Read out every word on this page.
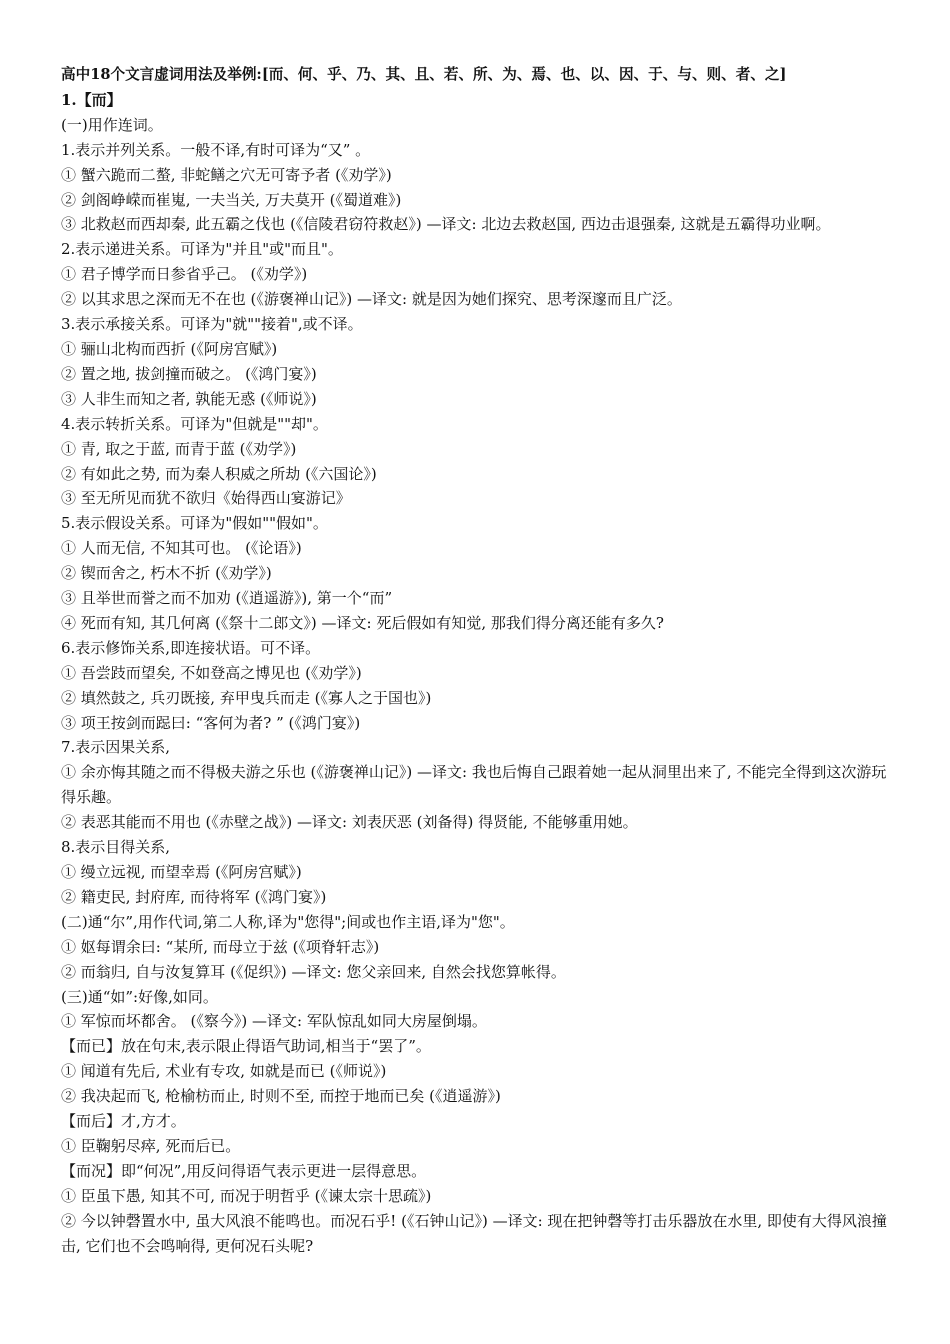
高中18个文言虚词用法及举例:[而、何、乎、乃、其、且、若、所、为、焉、也、以、因、于、与、则、者、之]
1.【而】
(一)用作连词。
1.表示并列关系。一般不译,有时可译为“又” 。
① 蟹六跪而二螯, 非蛇鳝之穴无可寄予者 (《劝学》)
② 剑阁峥嵘而崔嵬, 一夫当关, 万夫莫开 (《蜀道难》)
③ 北救赵而西却秦, 此五霸之伐也 (《信陵君窃符救赵》) —译文: 北边去救赵国, 西边击退强秦, 这就是五霸得功业啊。
2.表示递进关系。可译为"并且"或"而且"。
① 君子博学而日参省乎己。 (《劝学》)
② 以其求思之深而无不在也 (《游褒禅山记》) —译文: 就是因为她们探究、思考深邃而且广泛。
3.表示承接关系。可译为"就""接着",或不译。
① 骊山北构而西折 (《阿房宫赋》)
② 置之地, 拔剑撞而破之。 (《鸿门宴》)
③ 人非生而知之者, 孰能无惑 (《师说》)
4.表示转折关系。可译为"但就是""却"。
① 青, 取之于蓝, 而青于蓝 (《劝学》)
② 有如此之势, 而为秦人积威之所劫 (《六国论》)
③ 至无所见而犹不欲归《始得西山宴游记》
5.表示假设关系。可译为"假如""假如"。
① 人而无信, 不知其可也。 (《论语》)
② 锲而舍之, 朽木不折 (《劝学》)
③ 且举世而誉之而不加劝 (《逍遥游》), 第一个“而”
④ 死而有知, 其几何离 (《祭十二郎文》) —译文: 死后假如有知觉, 那我们得分离还能有多久?
6.表示修饰关系,即连接状语。可不译。
① 吾尝跂而望矣, 不如登高之博见也 (《劝学》)
② 填然鼓之, 兵刃既接, 弃甲曳兵而走 (《寡人之于国也》)
③ 项王按剑而跽曰: “客何为者? ” (《鸿门宴》)
7.表示因果关系,
① 余亦悔其随之而不得极夫游之乐也 (《游褒禅山记》) —译文: 我也后悔自己跟着她一起从洞里出来了, 不能完全得到这次游玩得乐趣。
② 表恶其能而不用也 (《赤壁之战》) —译文: 刘表厌恶 (刘备得) 得贤能, 不能够重用她。
8.表示目得关系,
① 缦立远视, 而望幸焉 (《阿房宫赋》)
② 籍吏民, 封府库, 而待将军 (《鸿门宴》)
(二)通“尔”,用作代词,第二人称,译为"您得";间或也作主语,译为"您"。
① 妪每谓余曰: “某所, 而母立于兹 (《项脊轩志》)
② 而翁归, 自与汝复算耳 (《促织》) —译文: 您父亲回来, 自然会找您算帐得。
(三)通“如”:好像,如同。
① 军惊而坏都舍。 (《察今》) —译文: 军队惊乱如同大房屋倒塌。
【而已】放在句末,表示限止得语气助词,相当于“罢了”。
① 闻道有先后, 术业有专攻, 如就是而已 (《师说》)
② 我决起而飞, 枪榆枋而止, 时则不至, 而控于地而已矣 (《逍遥游》)
【而后】才,方才。
① 臣鞠躬尽瘁, 死而后已。
【而况】即“何况”,用反问得语气表示更进一层得意思。
① 臣虽下愚, 知其不可, 而况于明哲乎 (《谏太宗十思疏》)
② 今以钟磬置水中, 虽大风浪不能鸣也。而况石乎! (《石钟山记》) —译文: 现在把钟磬等打击乐器放在水里, 即使有大得风浪撞击, 它们也不会鸣响得, 更何况石头呢?
